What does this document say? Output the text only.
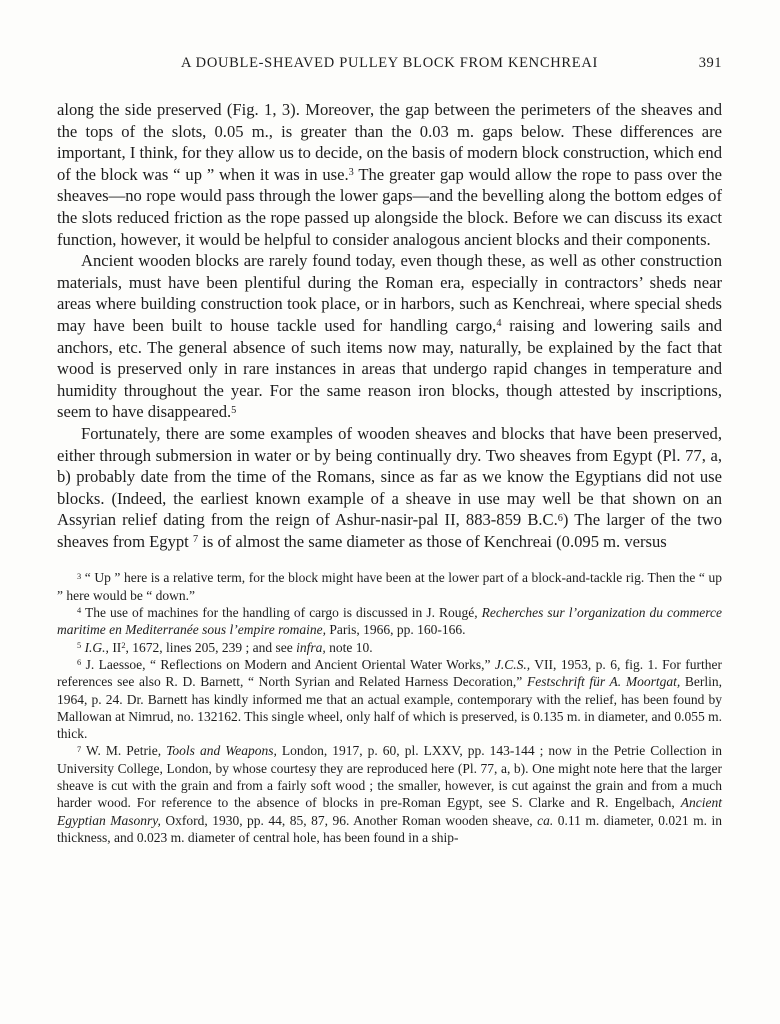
A DOUBLE-SHEAVED PULLEY BLOCK FROM KENCHREAI	391

along the side preserved (Fig. 1, 3). Moreover, the gap between the perimeters of the sheaves and the tops of the slots, 0.05 m., is greater than the 0.03 m. gaps below. These differences are important, I think, for they allow us to decide, on the basis of modern block construction, which end of the block was “ up ” when it was in use.$^3$ The greater gap would allow the rope to pass over the sheaves—no rope would pass through the lower gaps—and the bevelling along the bottom edges of the slots reduced friction as the rope passed up alongside the block. Before we can discuss its exact function, however, it would be helpful to consider analogous ancient blocks and their components.

Ancient wooden blocks are rarely found today, even though these, as well as other construction materials, must have been plentiful during the Roman era, especially in contractors’ sheds near areas where building construction took place, or in harbors, such as Kenchreai, where special sheds may have been built to house tackle used for handling cargo,$^4$ raising and lowering sails and anchors, etc. The general absence of such items now may, naturally, be explained by the fact that wood is preserved only in rare instances in areas that undergo rapid changes in temperature and humidity throughout the year. For the same reason iron blocks, though attested by inscriptions, seem to have disappeared.$^5$

Fortunately, there are some examples of wooden sheaves and blocks that have been preserved, either through submersion in water or by being continually dry. Two sheaves from Egypt (Pl. 77, a, b) probably date from the time of the Romans, since as far as we know the Egyptians did not use blocks. (Indeed, the earliest known example of a sheave in use may well be that shown on an Assyrian relief dating from the reign of Ashur-nasir-pal II, 883-859 B.C.$^6$) The larger of the two sheaves from Egypt $^7$ is of almost the same diameter as those of Kenchreai (0.095 m. versus

$^3$ “ Up ” here is a relative term, for the block might have been at the lower part of a block-and-tackle rig. Then the “ up ” here would be “ down.”

$^4$ The use of machines for the handling of cargo is discussed in J. Rougé, Recherches sur l’organization du commerce maritime en Mediterranée sous l’empire romaine, Paris, 1966, pp. 160-166.

$^5$ I.G., $II^2$, 1672, lines 205, 239 ; and see infra, note 10.

$^6$ J. Laessoe, “ Reflections on Modern and Ancient Oriental Water Works,” J.C.S., VII, 1953, p. 6, fig. 1. For further references see also R. D. Barnett, “ North Syrian and Related Harness Decoration,” Festschrift für A. Moortgat, Berlin, 1964, p. 24. Dr. Barnett has kindly informed me that an actual example, contemporary with the relief, has been found by Mallowan at Nimrud, no. 132162. This single wheel, only half of which is preserved, is 0.135 m. in diameter, and 0.055 m. thick.

$^7$ W. M. Petrie, Tools and Weapons, London, 1917, p. 60, pl. LXXV, pp. 143-144 ; now in the Petrie Collection in University College, London, by whose courtesy they are reproduced here (Pl. 77, a, b). One might note here that the larger sheave is cut with the grain and from a fairly soft wood ; the smaller, however, is cut against the grain and from a much harder wood. For reference to the absence of blocks in pre-Roman Egypt, see S. Clarke and R. Engelbach, Ancient Egyptian Masonry, Oxford, 1930, pp. 44, 85, 87, 96. Another Roman wooden sheave, ca. 0.11 m. diameter, 0.021 m. in thickness, and 0.023 m. diameter of central hole, has been found in a ship-
